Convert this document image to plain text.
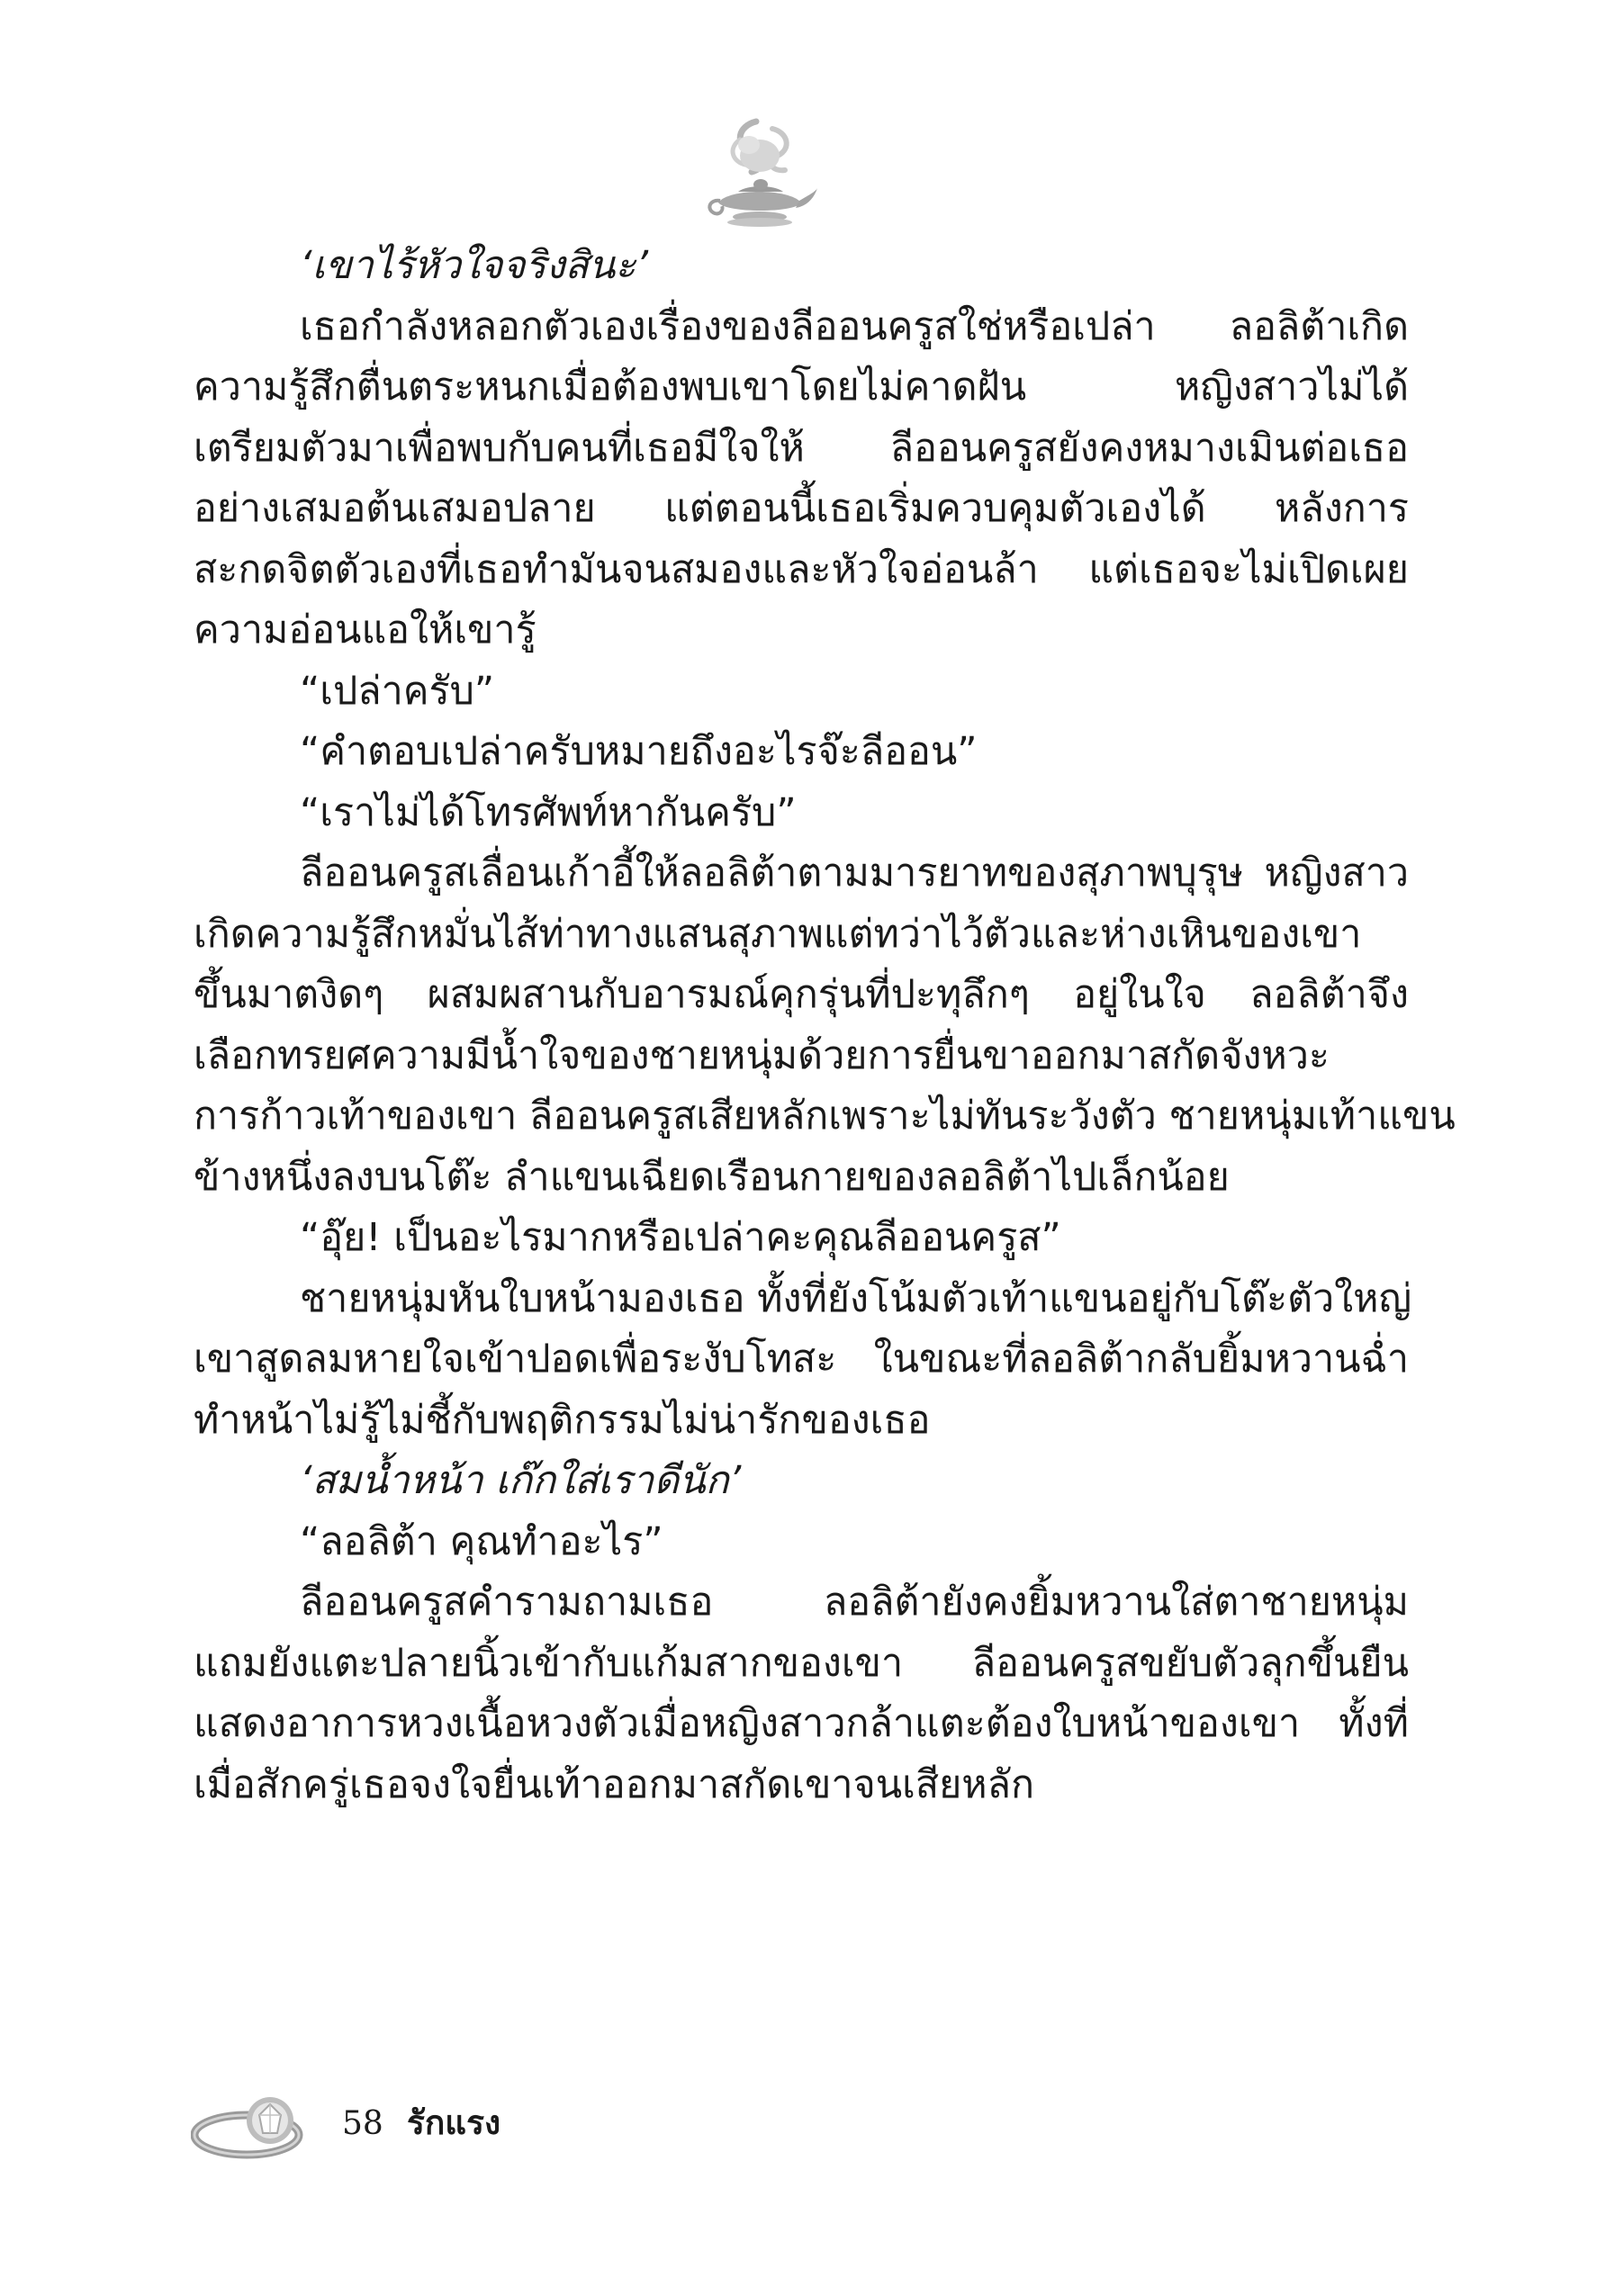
‘เขาไร้หัวใจจริงสินะ’
เธอกำลังหลอกตัวเองเรื่องของลีออนครูสใช่หรือเปล่า ลอลิต้าเกิด
ความรู้สึกตื่นตระหนกเมื่อต้องพบเขาโดยไม่คาดฝัน หญิงสาวไม่ได้
เตรียมตัวมาเพื่อพบกับคนที่เธอมีใจให้ ลีออนครูสยังคงหมางเมินต่อเธอ
อย่างเสมอต้นเสมอปลาย แต่ตอนนี้เธอเริ่มควบคุมตัวเองได้ หลังการ
สะกดจิตตัวเองที่เธอทำมันจนสมองและหัวใจอ่อนล้า แต่เธอจะไม่เปิดเผย
ความอ่อนแอให้เขารู้
“เปล่าครับ”
“คำตอบเปล่าครับหมายถึงอะไรจ๊ะลีออน”
“เราไม่ได้โทรศัพท์หากันครับ”
ลีออนครูสเลื่อนเก้าอี้ให้ลอลิต้าตามมารยาทของสุภาพบุรุษ หญิงสาว
เกิดความรู้สึกหมั่นไส้ท่าทางแสนสุภาพแต่ทว่าไว้ตัวและห่างเหินของเขา
ขึ้นมาตงิดๆ ผสมผสานกับอารมณ์คุกรุ่นที่ปะทุลึกๆ อยู่ในใจ ลอลิต้าจึง
เลือกทรยศความมีน้ำใจของชายหนุ่มด้วยการยื่นขาออกมาสกัดจังหวะ
การก้าวเท้าของเขา ลีออนครูสเสียหลักเพราะไม่ทันระวังตัว ชายหนุ่มเท้าแขน
ข้างหนึ่งลงบนโต๊ะ ลำแขนเฉียดเรือนกายของลอลิต้าไปเล็กน้อย
“อุ๊ย! เป็นอะไรมากหรือเปล่าคะคุณลีออนครูส”
ชายหนุ่มหันใบหน้ามองเธอ ทั้งที่ยังโน้มตัวเท้าแขนอยู่กับโต๊ะตัวใหญ่
เขาสูดลมหายใจเข้าปอดเพื่อระงับโทสะ ในขณะที่ลอลิต้ากลับยิ้มหวานฉ่ำ
ทำหน้าไม่รู้ไม่ชี้กับพฤติกรรมไม่น่ารักของเธอ
‘สมน้ำหน้า เก๊กใส่เราดีนัก’
“ลอลิต้า คุณทำอะไร”
ลีออนครูสคำรามถามเธอ ลอลิต้ายังคงยิ้มหวานใส่ตาชายหนุ่ม
แถมยังแตะปลายนิ้วเข้ากับแก้มสากของเขา ลีออนครูสขยับตัวลุกขึ้นยืน
แสดงอาการหวงเนื้อหวงตัวเมื่อหญิงสาวกล้าแตะต้องใบหน้าของเขา ทั้งที่
เมื่อสักครู่เธอจงใจยื่นเท้าออกมาสกัดเขาจนเสียหลัก
58 รักแรง
